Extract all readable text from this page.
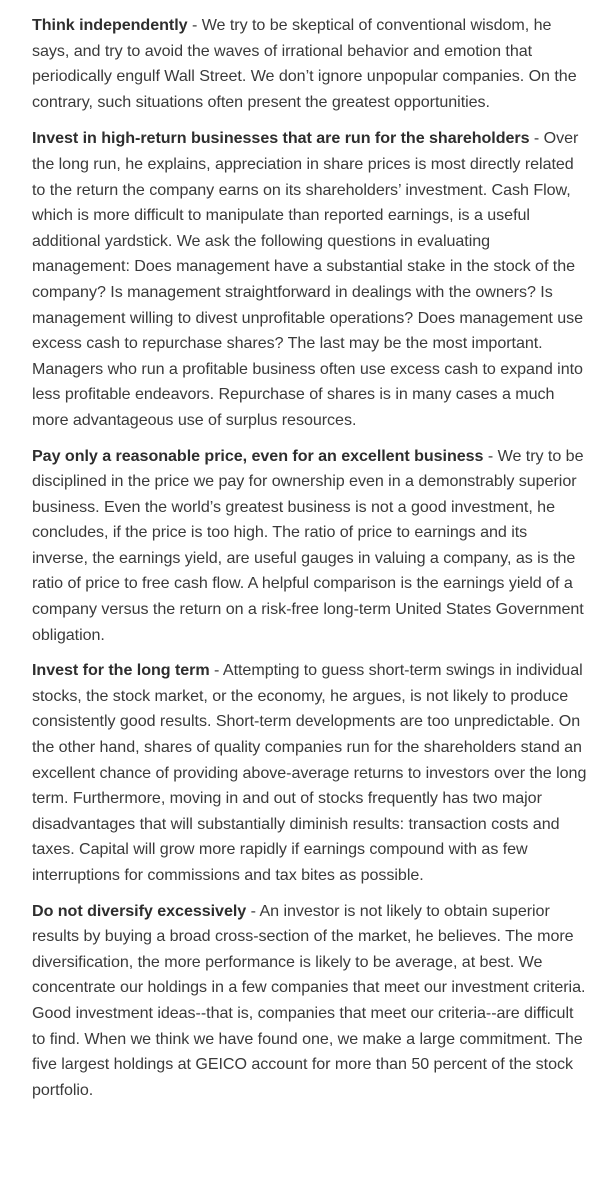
Think independently - We try to be skeptical of conventional wisdom, he says, and try to avoid the waves of irrational behavior and emotion that periodically engulf Wall Street. We don’t ignore unpopular companies. On the contrary, such situations often present the greatest opportunities.

Invest in high-return businesses that are run for the shareholders - Over the long run, he explains, appreciation in share prices is most directly related to the return the company earns on its shareholders’ investment. Cash Flow, which is more difficult to manipulate than reported earnings, is a useful additional yardstick. We ask the following questions in evaluating management: Does management have a substantial stake in the stock of the company? Is management straightforward in dealings with the owners? Is management willing to divest unprofitable operations? Does management use excess cash to repurchase shares? The last may be the most important. Managers who run a profitable business often use excess cash to expand into less profitable endeavors. Repurchase of shares is in many cases a much more advantageous use of surplus resources.

Pay only a reasonable price, even for an excellent business - We try to be disciplined in the price we pay for ownership even in a demonstrably superior business. Even the world’s greatest business is not a good investment, he concludes, if the price is too high. The ratio of price to earnings and its inverse, the earnings yield, are useful gauges in valuing a company, as is the ratio of price to free cash flow. A helpful comparison is the earnings yield of a company versus the return on a risk-free long-term United States Government obligation.

Invest for the long term - Attempting to guess short-term swings in individual stocks, the stock market, or the economy, he argues, is not likely to produce consistently good results. Short-term developments are too unpredictable. On the other hand, shares of quality companies run for the shareholders stand an excellent chance of providing above-average returns to investors over the long term. Furthermore, moving in and out of stocks frequently has two major disadvantages that will substantially diminish results: transaction costs and taxes. Capital will grow more rapidly if earnings compound with as few interruptions for commissions and tax bites as possible.

Do not diversify excessively - An investor is not likely to obtain superior results by buying a broad cross-section of the market, he believes. The more diversification, the more performance is likely to be average, at best. We concentrate our holdings in a few companies that meet our investment criteria. Good investment ideas--that is, companies that meet our criteria--are difficult to find. When we think we have found one, we make a large commitment. The five largest holdings at GEICO account for more than 50 percent of the stock portfolio.
